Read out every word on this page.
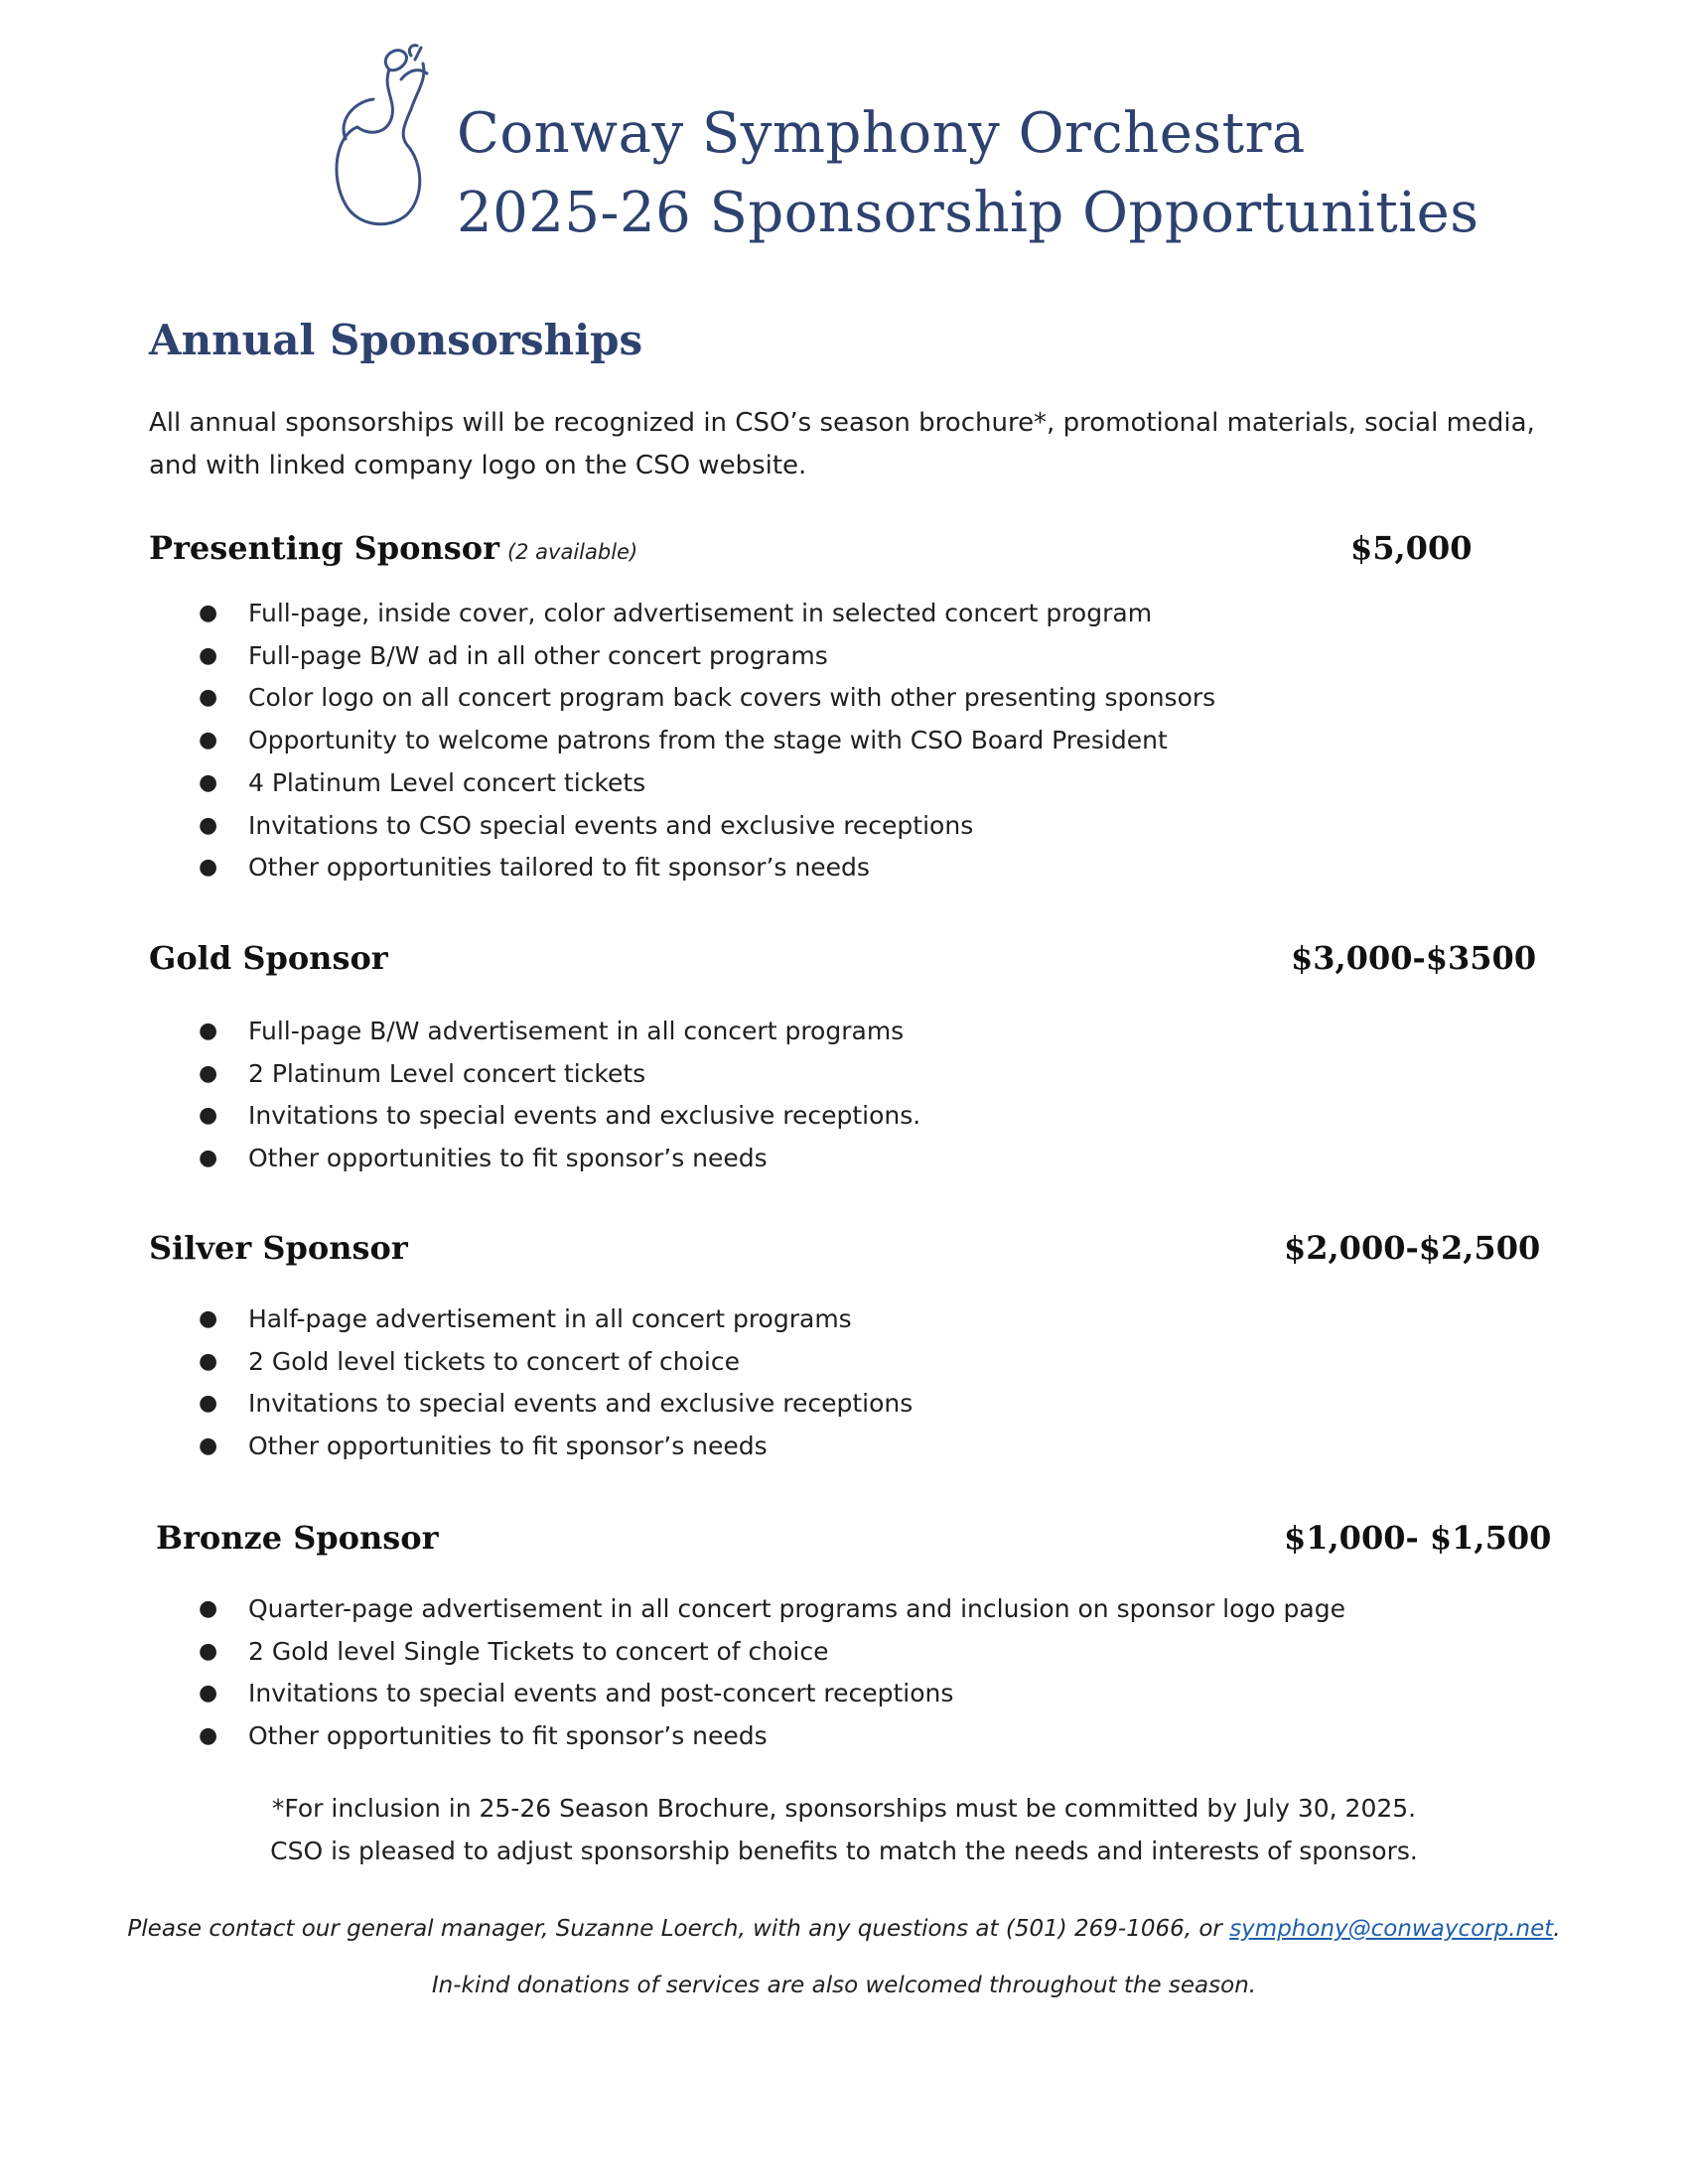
Conway Symphony Orchestra
2025-26 Sponsorship Opportunities
Annual Sponsorships
All annual sponsorships will be recognized in CSO’s season brochure*, promotional materials, social media, and with linked company logo on the CSO website.
Presenting Sponsor (2 available)	$5,000
● Full-page, inside cover, color advertisement in selected concert program
● Full-page B/W ad in all other concert programs
● Color logo on all concert program back covers with other presenting sponsors
● Opportunity to welcome patrons from the stage with CSO Board President
● 4 Platinum Level concert tickets
● Invitations to CSO special events and exclusive receptions
● Other opportunities tailored to fit sponsor’s needs
Gold Sponsor	$3,000-$3500
● Full-page B/W advertisement in all concert programs
● 2 Platinum Level concert tickets
● Invitations to special events and exclusive receptions.
● Other opportunities to fit sponsor’s needs
Silver Sponsor	$2,000-$2,500
● Half-page advertisement in all concert programs
● 2 Gold level tickets to concert of choice
● Invitations to special events and exclusive receptions
● Other opportunities to fit sponsor’s needs
Bronze Sponsor	$1,000- $1,500
● Quarter-page advertisement in all concert programs and inclusion on sponsor logo page
● 2 Gold level Single Tickets to concert of choice
● Invitations to special events and post-concert receptions
● Other opportunities to fit sponsor’s needs
*For inclusion in 25-26 Season Brochure, sponsorships must be committed by July 30, 2025.
CSO is pleased to adjust sponsorship benefits to match the needs and interests of sponsors.
Please contact our general manager, Suzanne Loerch, with any questions at (501) 269-1066, or symphony@conwaycorp.net.
In-kind donations of services are also welcomed throughout the season.
